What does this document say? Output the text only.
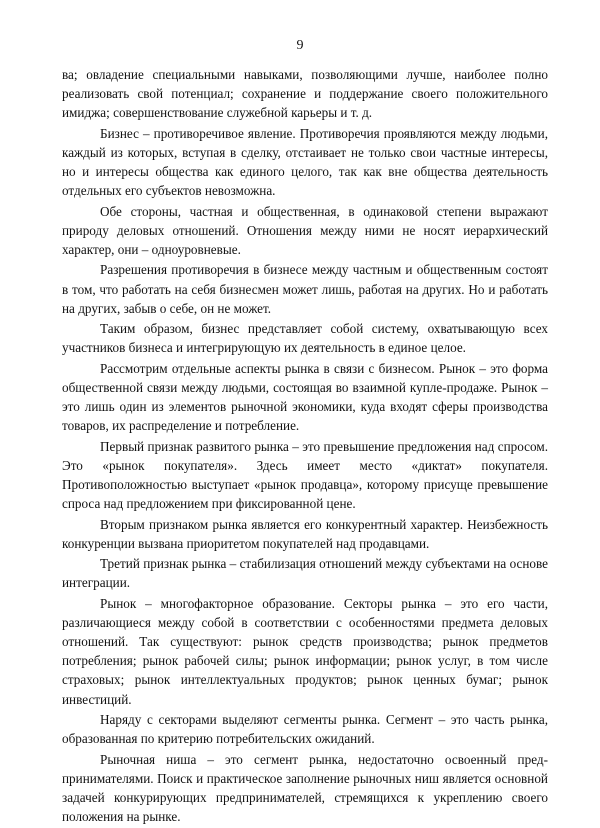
9

ва; овладение специальными навыками, позволяющими лучше, наиболее полно реализовать свой потенциал; сохранение и поддержание своего положительного имиджа; совершенствование служебной карьеры и т. д.

Бизнес – противоречивое явление. Противоречия проявляются между людьми, каждый из которых, вступая в сделку, отстаивает не только свои частные интересы, но и интересы общества как единого целого, так как вне общества деятельность отдельных его субъектов невозможна.

Обе стороны, частная и общественная, в одинаковой степени выражают природу деловых отношений. Отношения между ними не носят иерархический характер, они – одноуровневые.

Разрешения противоречия в бизнесе между частным и общественным состоят в том, что работать на себя бизнесмен может лишь, работая на других. Но и работать на других, забыв о себе, он не может.

Таким образом, бизнес представляет собой систему, охватывающую всех участников бизнеса и интегрирующую их деятельность в единое целое.

Рассмотрим отдельные аспекты рынка в связи с бизнесом. Рынок – это форма общественной связи между людьми, состоящая во взаимной купле-продаже. Рынок – это лишь один из элементов рыночной экономики, куда входят сферы производства товаров, их распределение и потребление.

Первый признак развитого рынка – это превышение предложения над спросом. Это «рынок покупателя». Здесь имеет место «диктат» покупателя. Противоположностью выступает «рынок продавца», которому присуще превышение спроса над предложением при фиксированной цене.

Вторым признаком рынка является его конкурентный характер. Неизбежность конкуренции вызвана приоритетом покупателей над продавцами.

Третий признак рынка – стабилизация отношений между субъектами на основе интеграции.

Рынок – многофакторное образование. Секторы рынка – это его части, различающиеся между собой в соответствии с особенностями предмета деловых отношений. Так существуют: рынок средств производства; рынок предметов потребления; рынок рабочей силы; рынок информации; рынок услуг, в том числе страховых; рынок интеллектуальных продуктов; рынок ценных бумаг; рынок инвестиций.

Наряду с секторами выделяют сегменты рынка. Сегмент – это часть рынка, образованная по критерию потребительских ожиданий.

Рыночная ниша – это сегмент рынка, недостаточно освоенный предпринимателями. Поиск и практическое заполнение рыночных ниш является основной задачей конкурирующих предпринимателей, стремящихся к укреплению своего положения на рынке.
